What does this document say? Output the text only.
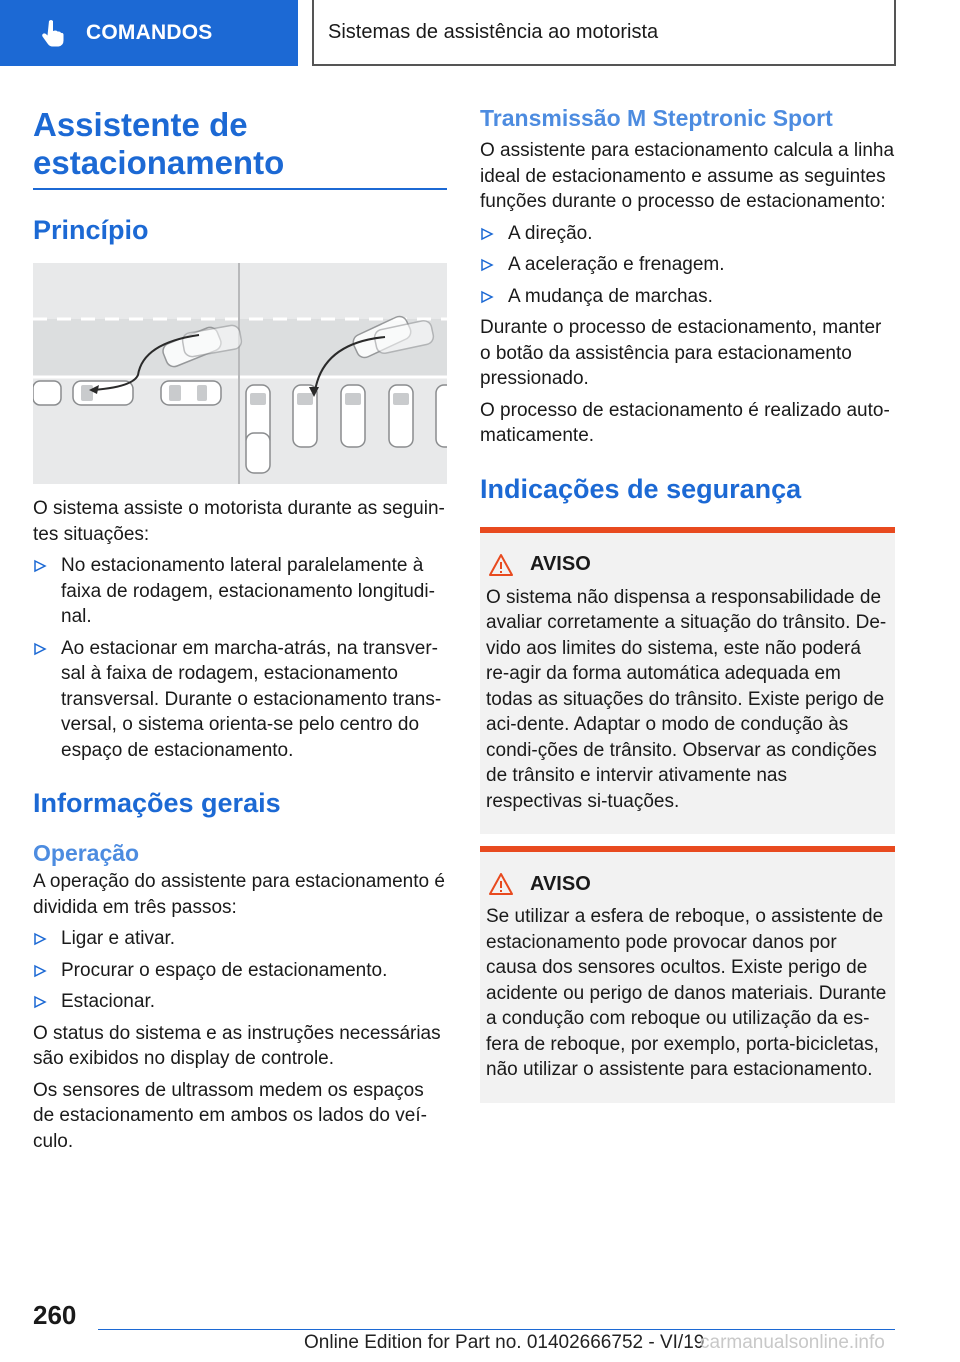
COMANDOS	Sistemas de assistência ao motorista
Assistente de estacionamento
Princípio
O sistema assiste o motorista durante as seguin-tes situações:
No estacionamento lateral paralelamente à faixa de rodagem, estacionamento longitudi-nal.
Ao estacionar em marcha-atrás, na transver-sal à faixa de rodagem, estacionamento transversal. Durante o estacionamento trans-versal, o sistema orienta-se pelo centro do espaço de estacionamento.
Informações gerais
Operação
A operação do assistente para estacionamento é dividida em três passos:
Ligar e ativar.
Procurar o espaço de estacionamento.
Estacionar.
O status do sistema e as instruções necessárias são exibidos no display de controle.
Os sensores de ultrassom medem os espaços de estacionamento em ambos os lados do veí-culo.
Transmissão M Steptronic Sport
O assistente para estacionamento calcula a linha ideal de estacionamento e assume as seguintes funções durante o processo de estacionamento:
A direção.
A aceleração e frenagem.
A mudança de marchas.
Durante o processo de estacionamento, manter o botão da assistência para estacionamento pressionado.
O processo de estacionamento é realizado auto-maticamente.
Indicações de segurança
AVISO
O sistema não dispensa a responsabilidade de avaliar corretamente a situação do trânsito. De-vido aos limites do sistema, este não poderá re-agir da forma automática adequada em todas as situações do trânsito. Existe perigo de aci-dente. Adaptar o modo de condução às condi-ções de trânsito. Observar as condições de trânsito e intervir ativamente nas respectivas si-tuações.
AVISO
Se utilizar a esfera de reboque, o assistente de estacionamento pode provocar danos por causa dos sensores ocultos. Existe perigo de acidente ou perigo de danos materiais. Durante a condução com reboque ou utilização da es-fera de reboque, por exemplo, porta-bicicletas, não utilizar o assistente para estacionamento.
260
Online Edition for Part no. 01402666752 - VI/19
carmanualsonline.info
